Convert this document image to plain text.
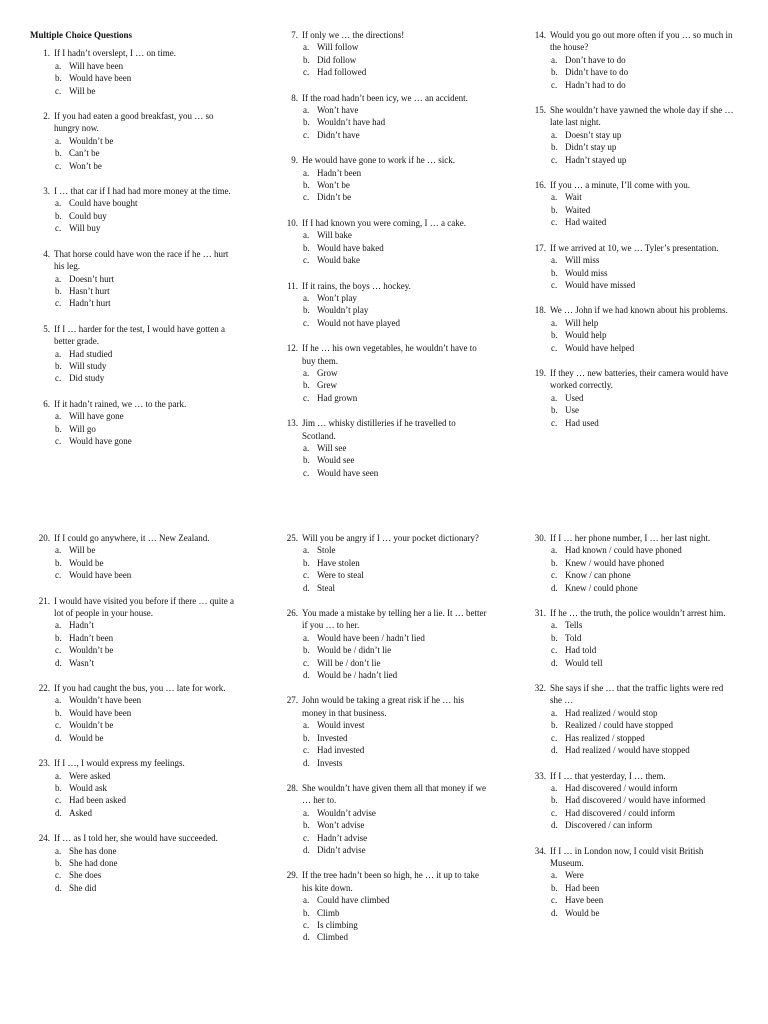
Multiple Choice Questions
1. If I hadn’t overslept, I … on time.
a. Will have been
b. Would have been
c. Will be
2. If you had eaten a good breakfast, you … so hungry now.
a. Wouldn’t be
b. Can’t be
c. Won’t be
3. I … that car if I had had more money at the time.
a. Could have bought
b. Could buy
c. Will buy
4. That horse could have won the race if he … hurt his leg.
a. Doesn’t hurt
b. Hasn’t hurt
c. Hadn’t hurt
5. If I … harder for the test, I would have gotten a better grade.
a. Had studied
b. Will study
c. Did study
6. If it hadn’t rained, we … to the park.
a. Will have gone
b. Will go
c. Would have gone
7. If only we … the directions!
a. Will follow
b. Did follow
c. Had followed
8. If the road hadn’t been icy, we … an accident.
a. Won’t have
b. Wouldn’t have had
c. Didn’t have
9. He would have gone to work if he … sick.
a. Hadn’t been
b. Won’t be
c. Didn’t be
10. If I had known you were coming, I … a cake.
a. Will bake
b. Would have baked
c. Would bake
11. If it rains, the boys … hockey.
a. Won’t play
b. Wouldn’t play
c. Would not have played
12. If he … his own vegetables, he wouldn’t have to buy them.
a. Grow
b. Grew
c. Had grown
13. Jim … whisky distilleries if he travelled to Scotland.
a. Will see
b. Would see
c. Would have seen
14. Would you go out more often if you … so much in the house?
a. Don’t have to do
b. Didn’t have to do
c. Hadn’t had to do
15. She wouldn’t have yawned the whole day if she … late last night.
a. Doesn’t stay up
b. Didn’t stay up
c. Hadn’t stayed up
16. If you … a minute, I’ll come with you.
a. Wait
b. Waited
c. Had waited
17. If we arrived at 10, we … Tyler’s presentation.
a. Will miss
b. Would miss
c. Would have missed
18. We … John if we had known about his problems.
a. Will help
b. Would help
c. Would have helped
19. If they … new batteries, their camera would have worked correctly.
a. Used
b. Use
c. Had used
20. If I could go anywhere, it … New Zealand.
a. Will be
b. Would be
c. Would have been
21. I would have visited you before if there … quite a lot of people in your house.
a. Hadn’t
b. Hadn’t been
c. Wouldn’t be
d. Wasn’t
22. If you had caught the bus, you … late for work.
a. Wouldn’t have been
b. Would have been
c. Wouldn’t be
d. Would be
23. If I …, I would express my feelings.
a. Were asked
b. Would ask
c. Had been asked
d. Asked
24. If … as I told her, she would have succeeded.
a. She has done
b. She had done
c. She does
d. She did
25. Will you be angry if I … your pocket dictionary?
a. Stole
b. Have stolen
c. Were to steal
d. Steal
26. You made a mistake by telling her a lie. It … better if you … to her.
a. Would have been / hadn’t lied
b. Would be / didn’t lie
c. Will be / don’t lie
d. Would be / hadn’t lied
27. John would be taking a great risk if he … his money in that business.
a. Would invest
b. Invested
c. Had invested
d. Invests
28. She wouldn’t have given them all that money if we … her to.
a. Wouldn’t advise
b. Won’t advise
c. Hadn’t advise
d. Didn’t advise
29. If the tree hadn’t been so high, he … it up to take his kite down.
a. Could have climbed
b. Climb
c. Is climbing
d. Climbed
30. If I … her phone number, I … her last night.
a. Had known / could have phoned
b. Knew / would have phoned
c. Know / can phone
d. Knew / could phone
31. If he … the truth, the police wouldn’t arrest him.
a. Tells
b. Told
c. Had told
d. Would tell
32. She says if she … that the traffic lights were red she …
a. Had realized / would stop
b. Realized / could have stopped
c. Has realized / stopped
d. Had realized / would have stopped
33. If I … that yesterday, I … them.
a. Had discovered / would inform
b. Had discovered / would have informed
c. Had discovered / could inform
d. Discovered / can inform
34. If I … in London now, I could visit British Museum.
a. Were
b. Had been
c. Have been
d. Would be
